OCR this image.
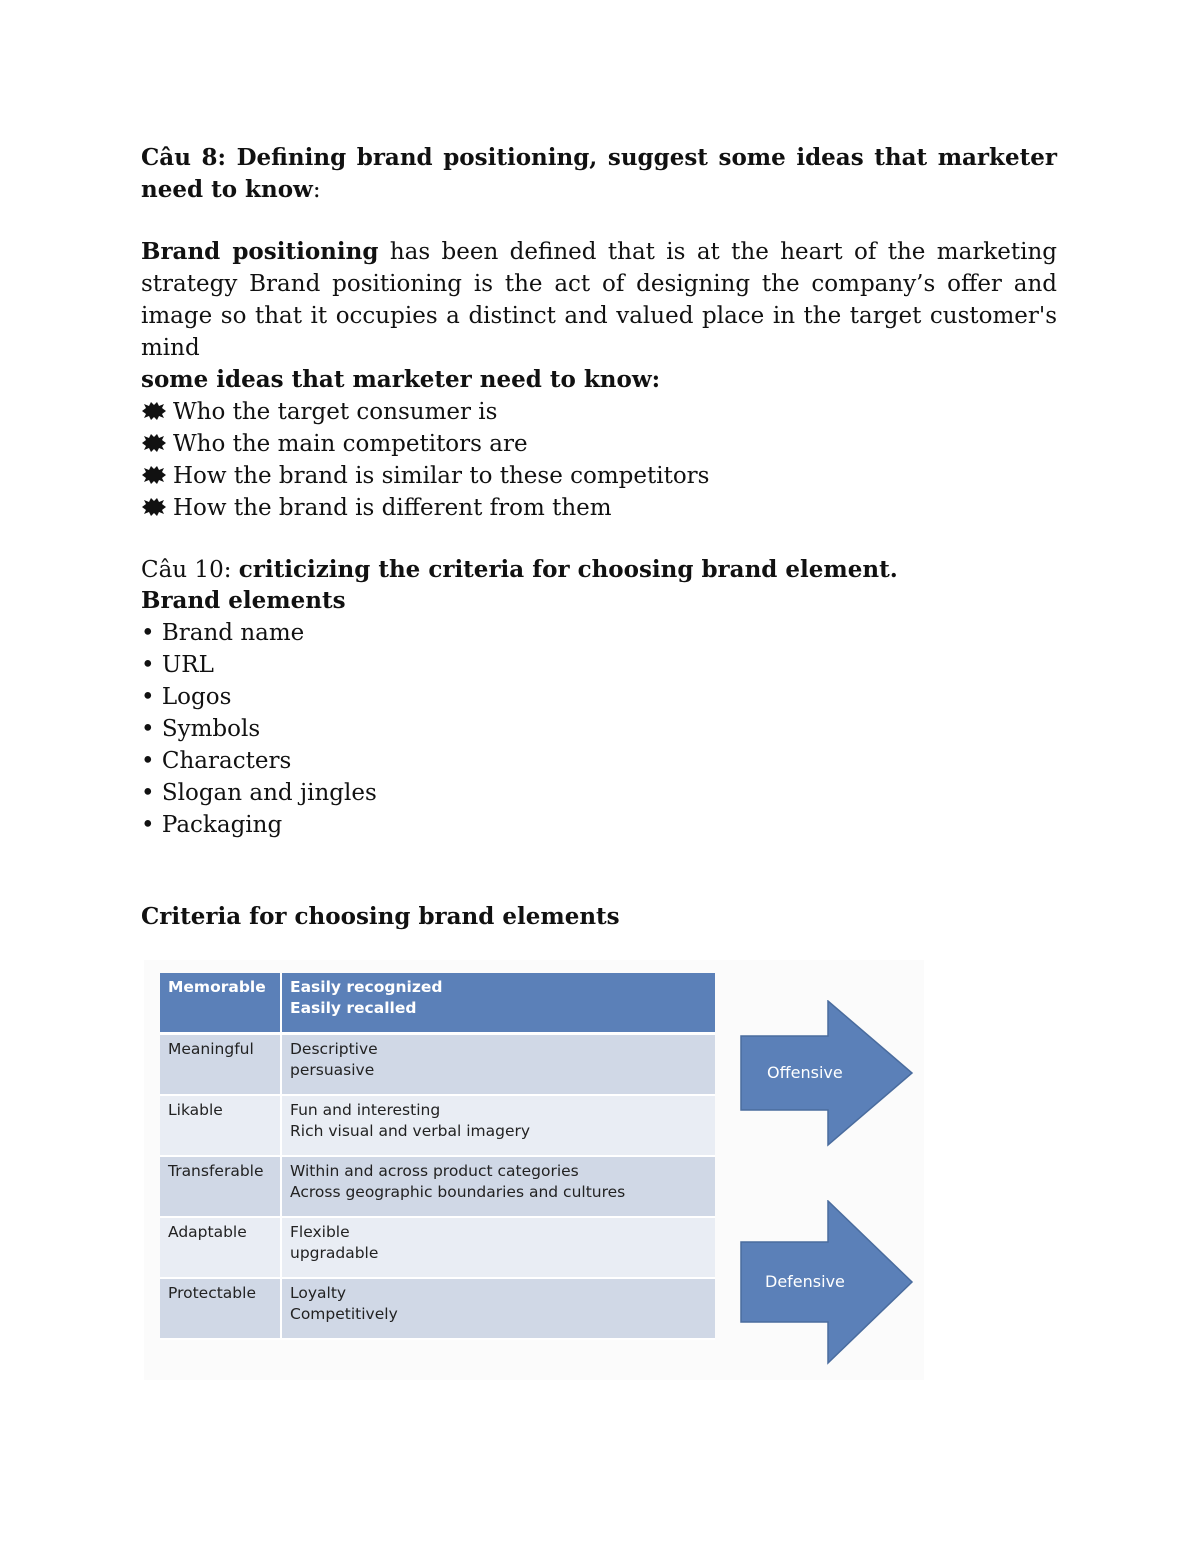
Câu 8: Defining brand positioning, suggest some ideas that marketer need to know:
Brand positioning has been defined that is at the heart of the marketing strategy Brand positioning is the act of designing the company’s offer and image so that it occupies a distinct and valued place in the target customer's mind
some ideas that marketer need to know:
Who the target consumer is
Who the main competitors are
How the brand is similar to these competitors
How the brand is different from them
Câu 10: criticizing the criteria for choosing brand element.
Brand elements
• Brand name
• URL
• Logos
• Symbols
• Characters
• Slogan and jingles
• Packaging
Criteria for choosing brand elements
Memorable	Easily recognized
Easily recalled

Meaningful	Descriptive
persuasive

Likable	Fun and interesting
Rich visual and verbal imagery

Transferable	Within and across product categories
Across geographic boundaries and cultures

Adaptable	Flexible
upgradable

Protectable	Loyalty
Competitively
Offensive
Defensive
